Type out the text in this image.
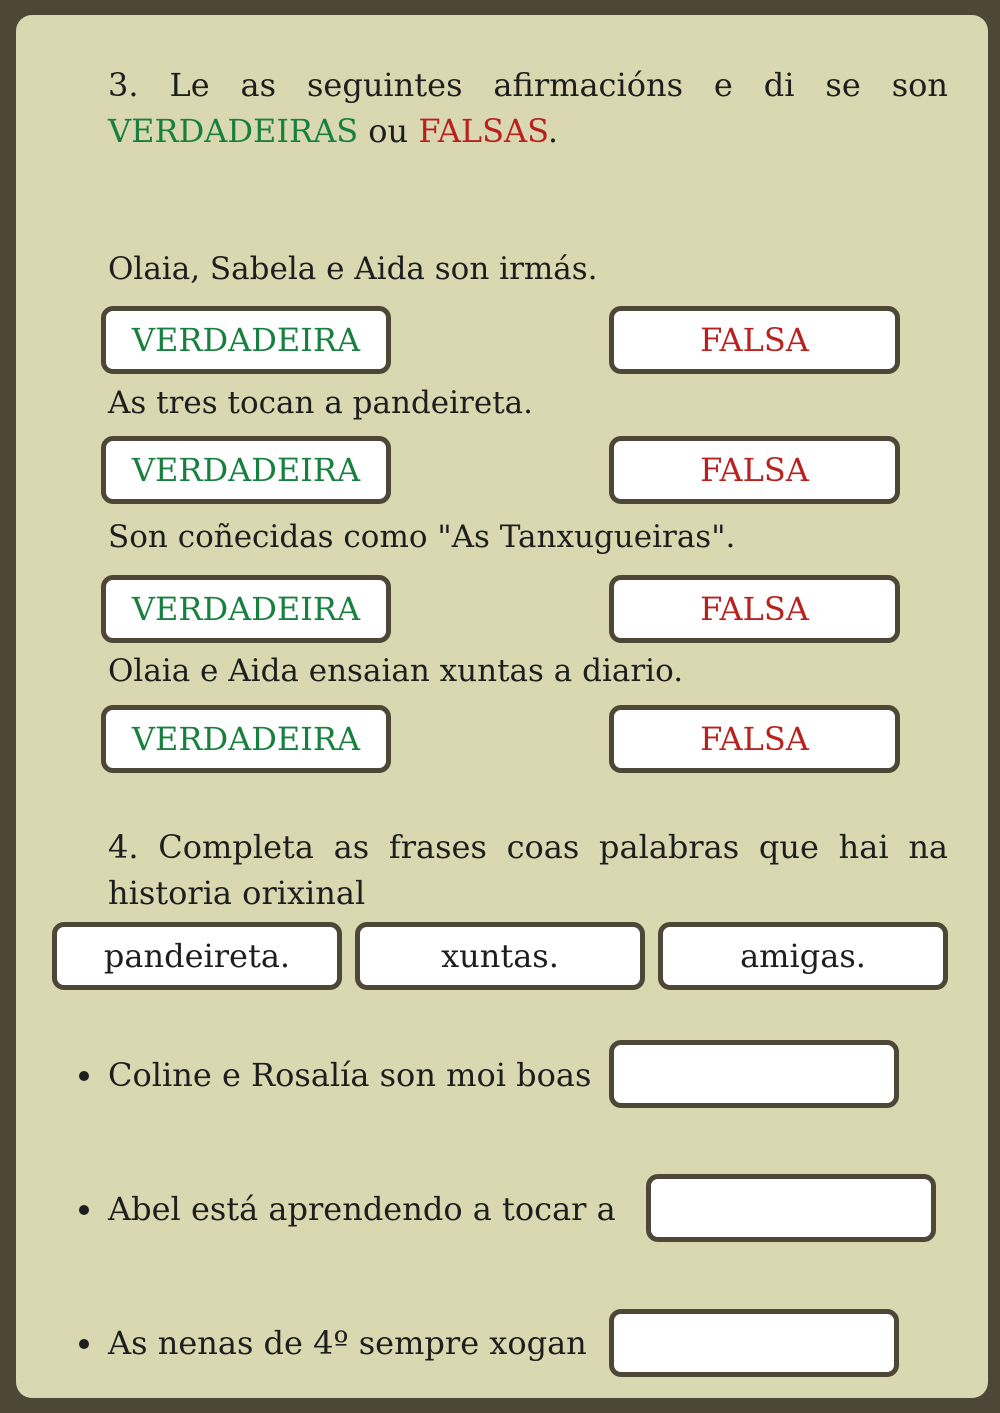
3. Le as seguintes afirmacións e di se son VERDADEIRAS ou FALSAS.
Olaia, Sabela e Aida son irmás.
VERDADEIRA	FALSA
As tres tocan a pandeireta.
VERDADEIRA	FALSA
Son coñecidas como "As Tanxugueiras".
VERDADEIRA	FALSA
Olaia e Aida ensaian xuntas a diario.
VERDADEIRA	FALSA
4. Completa as frases coas palabras que hai na historia orixinal
pandeireta.	xuntas.	amigas.
Coline e Rosalía son moi boas
Abel está aprendendo a tocar a
As nenas de 4º sempre xogan
